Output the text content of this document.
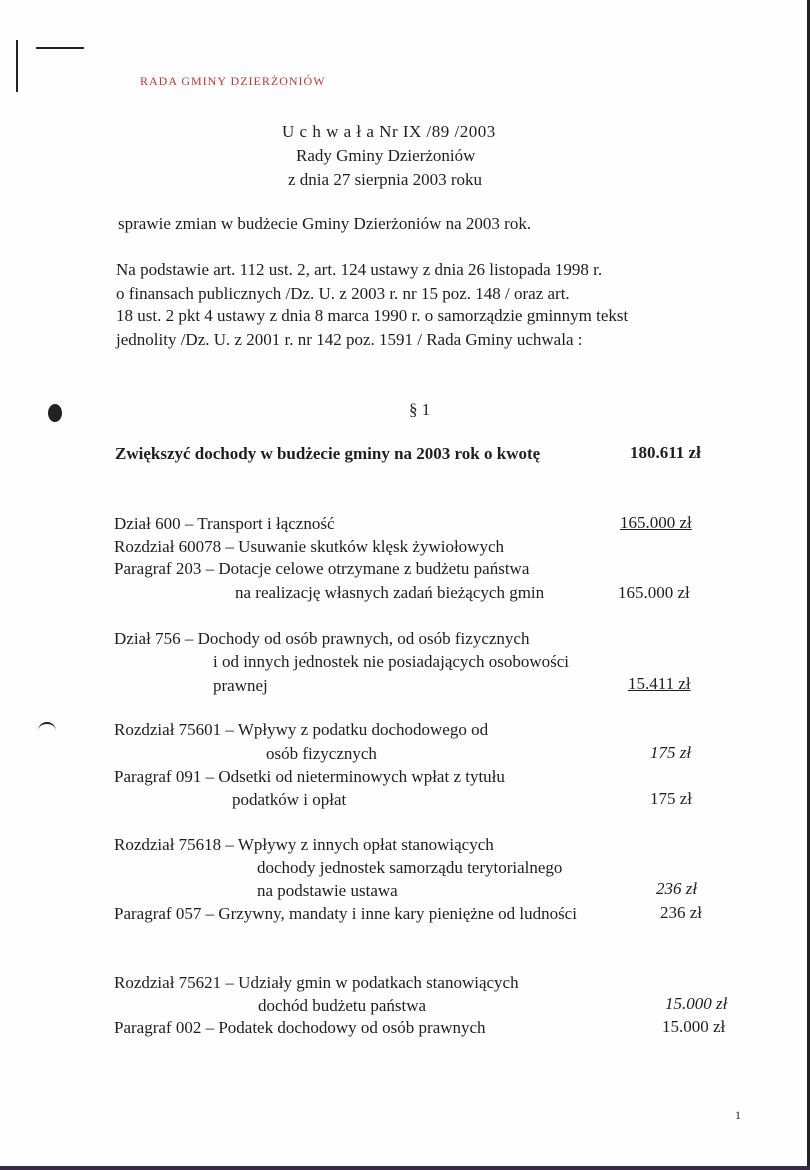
RADA GMINY DZIERŻONIÓW
U c h w a ł a Nr IX /89 /2003
Rady Gminy Dzierżoniów
z dnia 27 sierpnia 2003 roku
sprawie zmian w budżecie Gminy Dzierżoniów na 2003 rok.
Na podstawie art. 112 ust. 2, art. 124 ustawy z dnia 26 listopada 1998 r.
o finansach publicznych /Dz. U. z 2003 r. nr 15 poz. 148 / oraz art.
18 ust. 2 pkt 4 ustawy z dnia 8 marca 1990 r. o samorządzie gminnym tekst
jednolity /Dz. U. z 2001 r. nr 142 poz. 1591 / Rada Gminy uchwala :
§ 1
Zwiększyć dochody w budżecie gminy na 2003 rok o kwotę	180.611 zł
Dział 600 – Transport i łączność	165.000 zł
Rozdział 60078 – Usuwanie skutków klęsk żywiołowych
Paragraf 203 – Dotacje celowe otrzymane z budżetu państwa
na realizację własnych zadań bieżących gmin	165.000 zł
Dział 756 – Dochody od osób prawnych, od osób fizycznych
i od innych jednostek nie posiadających osobowości
prawnej	15.411 zł
Rozdział 75601 – Wpływy z podatku dochodowego od
osób fizycznych	175 zł
Paragraf 091 – Odsetki od nieterminowych wpłat z tytułu
podatków i opłat	175 zł
Rozdział 75618 – Wpływy z innych opłat stanowiących
dochody jednostek samorządu terytorialnego
na podstawie ustawa	236 zł
Paragraf 057 – Grzywny, mandaty i inne kary pieniężne od ludności	236 zł
Rozdział 75621 – Udziały gmin w podatkach stanowiących
dochód budżetu państwa	15.000 zł
Paragraf 002 – Podatek dochodowy od osób prawnych	15.000 zł
1
